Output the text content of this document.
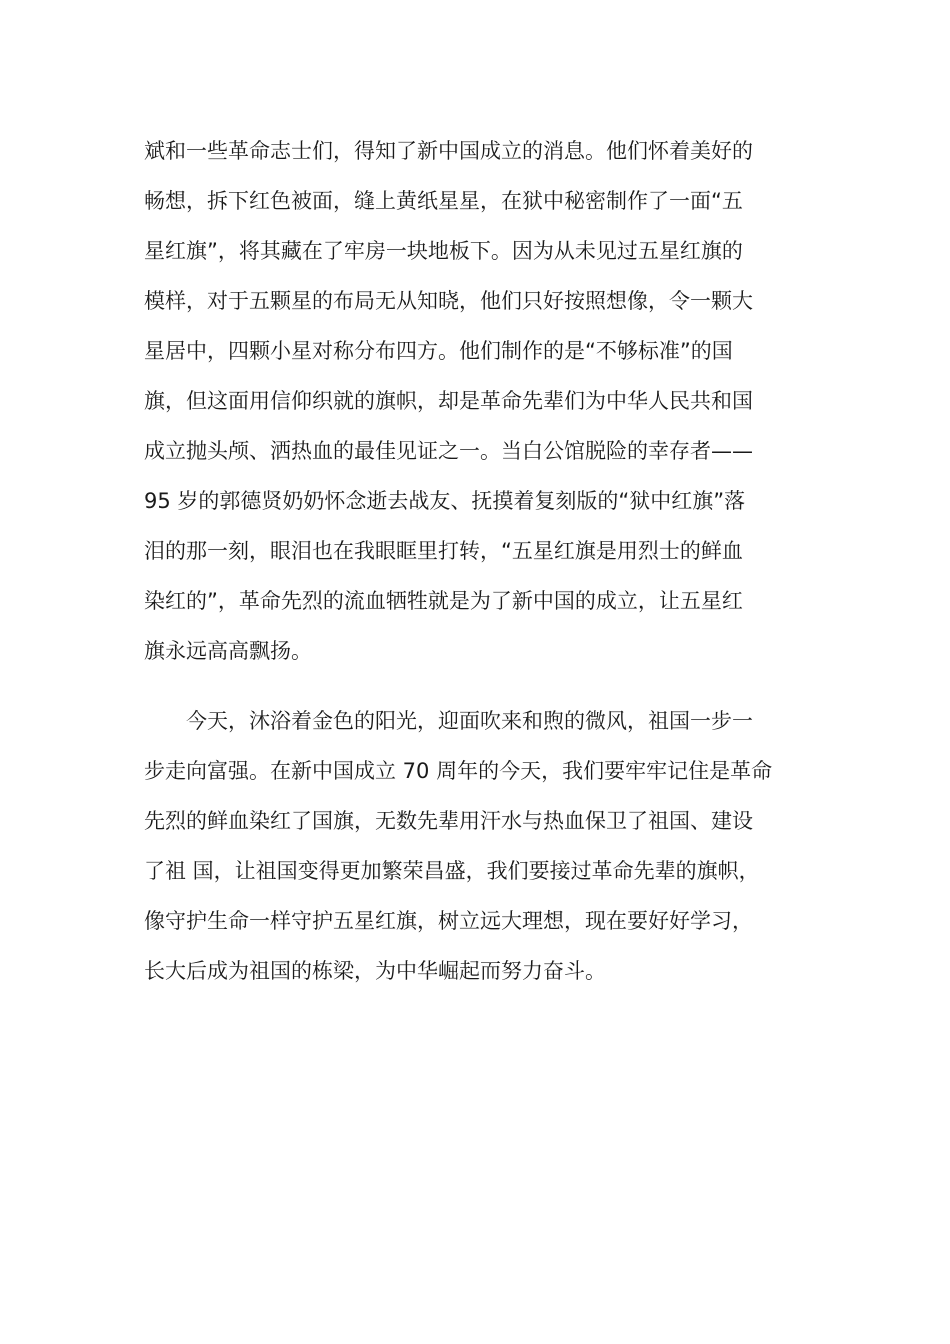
斌和一些革命志士们，得知了新中国成立的消息。他们怀着美好的
畅想，拆下红色被面，缝上黄纸星星，在狱中秘密制作了一面“五
星红旗”，将其藏在了牢房一块地板下。因为从未见过五星红旗的
模样，对于五颗星的布局无从知晓，他们只好按照想像，令一颗大
星居中，四颗小星对称分布四方。他们制作的是“不够标准”的国
旗，但这面用信仰织就的旗帜，却是革命先辈们为中华人民共和国
成立抛头颅、洒热血的最佳见证之一。当白公馆脱险的幸存者——
95 岁的郭德贤奶奶怀念逝去战友、抚摸着复刻版的“狱中红旗”落
泪的那一刻，眼泪也在我眼眶里打转，“五星红旗是用烈士的鲜血
染红的”，革命先烈的流血牺牲就是为了新中国的成立，让五星红
旗永远高高飘扬。
今天，沐浴着金色的阳光，迎面吹来和煦的微风，祖国一步一
步走向富强。在新中国成立 70 周年的今天，我们要牢牢记住是革命
先烈的鲜血染红了国旗，无数先辈用汗水与热血保卫了祖国、建设
了祖 国，让祖国变得更加繁荣昌盛，我们要接过革命先辈的旗帜，
像守护生命一样守护五星红旗，树立远大理想，现在要好好学习，
长大后成为祖国的栋梁，为中华崛起而努力奋斗。
